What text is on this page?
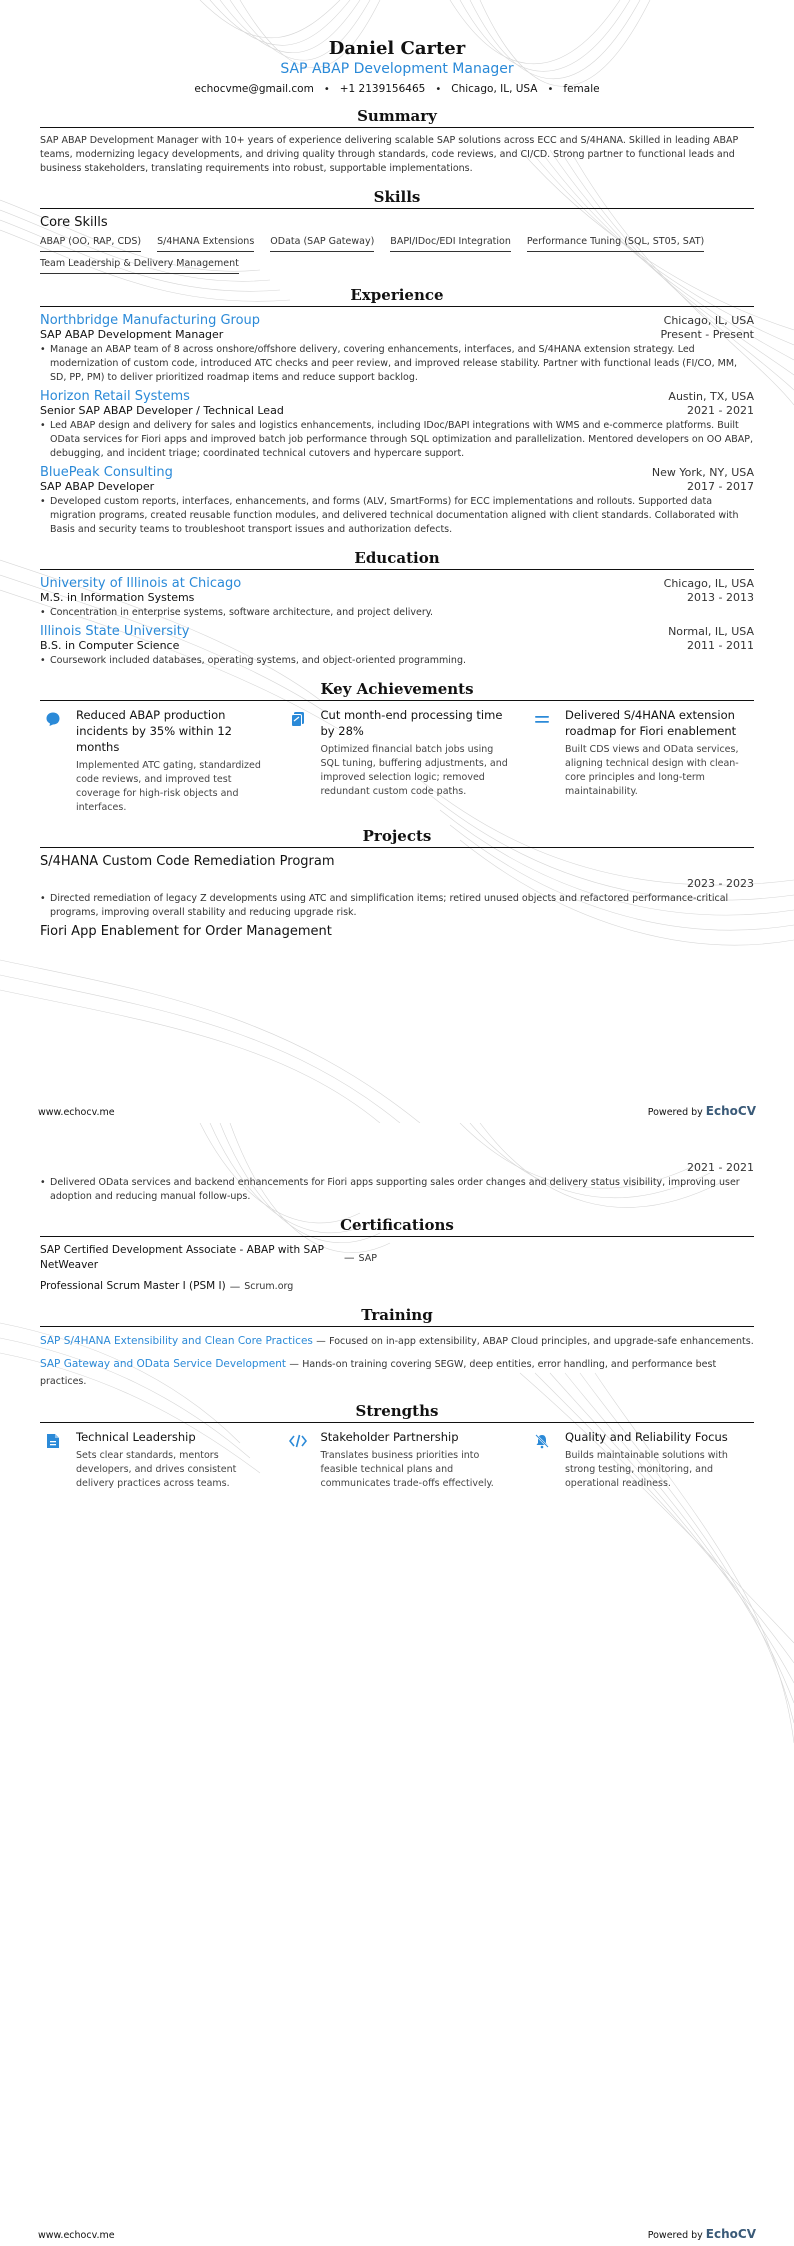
Daniel Carter
SAP ABAP Development Manager
echocvme@gmail.com • +1 2139156465 • Chicago, IL, USA • female
Summary
SAP ABAP Development Manager with 10+ years of experience delivering scalable SAP solutions across ECC and S/4HANA. Skilled in leading ABAP teams, modernizing legacy developments, and driving quality through standards, code reviews, and CI/CD. Strong partner to functional leads and business stakeholders, translating requirements into robust, supportable implementations.
Skills
Core Skills
ABAP (OO, RAP, CDS) S/4HANA Extensions OData (SAP Gateway) BAPI/IDoc/EDI Integration Performance Tuning (SQL, ST05, SAT)
Team Leadership & Delivery Management
Experience
Northbridge Manufacturing Group	Chicago, IL, USA
SAP ABAP Development Manager	Present - Present
• Manage an ABAP team of 8 across onshore/offshore delivery, covering enhancements, interfaces, and S/4HANA extension strategy. Led modernization of custom code, introduced ATC checks and peer review, and improved release stability. Partner with functional leads (FI/CO, MM, SD, PP, PM) to deliver prioritized roadmap items and reduce support backlog.
Horizon Retail Systems	Austin, TX, USA
Senior SAP ABAP Developer / Technical Lead	2021 - 2021
• Led ABAP design and delivery for sales and logistics enhancements, including IDoc/BAPI integrations with WMS and e-commerce platforms. Built OData services for Fiori apps and improved batch job performance through SQL optimization and parallelization. Mentored developers on OO ABAP, debugging, and incident triage; coordinated technical cutovers and hypercare support.
BluePeak Consulting	New York, NY, USA
SAP ABAP Developer	2017 - 2017
• Developed custom reports, interfaces, enhancements, and forms (ALV, SmartForms) for ECC implementations and rollouts. Supported data migration programs, created reusable function modules, and delivered technical documentation aligned with client standards. Collaborated with Basis and security teams to troubleshoot transport issues and authorization defects.
Education
University of Illinois at Chicago	Chicago, IL, USA
M.S. in Information Systems	2013 - 2013
• Concentration in enterprise systems, software architecture, and project delivery.
Illinois State University	Normal, IL, USA
B.S. in Computer Science	2011 - 2011
• Coursework included databases, operating systems, and object-oriented programming.
Key Achievements
Reduced ABAP production incidents by 35% within 12 months
Implemented ATC gating, standardized code reviews, and improved test coverage for high-risk objects and interfaces.
Cut month-end processing time by 28%
Optimized financial batch jobs using SQL tuning, buffering adjustments, and improved selection logic; removed redundant custom code paths.
Delivered S/4HANA extension roadmap for Fiori enablement
Built CDS views and OData services, aligning technical design with clean-core principles and long-term maintainability.
Projects
S/4HANA Custom Code Remediation Program
2023 - 2023
• Directed remediation of legacy Z developments using ATC and simplification items; retired unused objects and refactored performance-critical programs, improving overall stability and reducing upgrade risk.
Fiori App Enablement for Order Management
www.echocv.me	Powered by EchoCV
2021 - 2021
• Delivered OData services and backend enhancements for Fiori apps supporting sales order changes and delivery status visibility, improving user adoption and reducing manual follow-ups.
Certifications
SAP Certified Development Associate - ABAP with SAP NetWeaver
— SAP
Professional Scrum Master I (PSM I) — Scrum.org
Training
SAP S/4HANA Extensibility and Clean Core Practices — Focused on in-app extensibility, ABAP Cloud principles, and upgrade-safe enhancements.
SAP Gateway and OData Service Development — Hands-on training covering SEGW, deep entities, error handling, and performance best practices.
Strengths
Technical Leadership
Sets clear standards, mentors developers, and drives consistent delivery practices across teams.
Stakeholder Partnership
Translates business priorities into feasible technical plans and communicates trade-offs effectively.
Quality and Reliability Focus
Builds maintainable solutions with strong testing, monitoring, and operational readiness.
www.echocv.me	Powered by EchoCV
